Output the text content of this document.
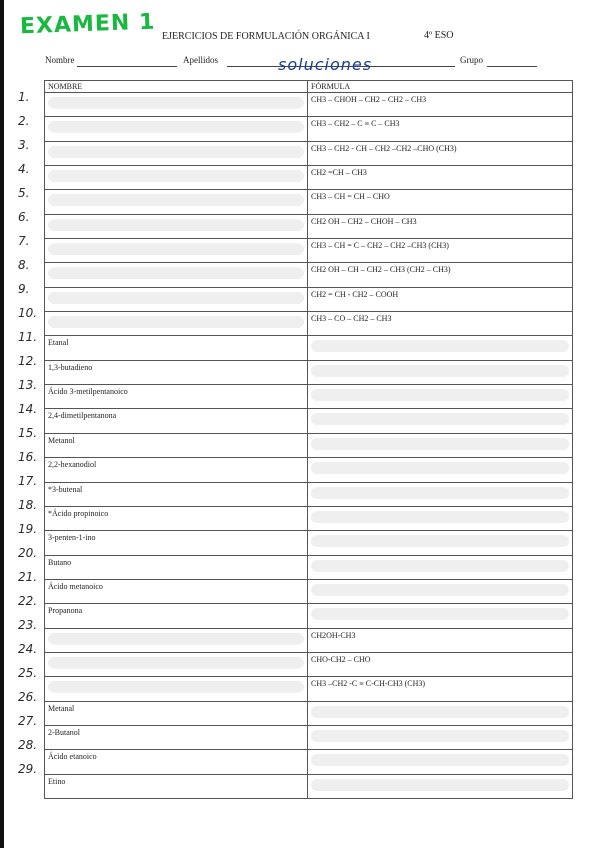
EXAMEN 1 EJERCICIOS DE FORMULACIÓN ORGÁNICA I	4º ESO
Nombre	Apellidos	soluciones	Grupo
NOMBRE	FÓRMULA

	CH3 – CHOH – CH2 – CH2 – CH3

	CH3 – CH2 – C ≡ C – CH3

	CH3 – CH2 - CH – CH2 –CH2 –CHO (CH3)

	CH2 =CH – CH3

	CH3 – CH = CH – CHO

	CH2 OH – CH2 – CHOH – CH3

	CH3 – CH = C – CH2 – CH2 –CH3 (CH3)

	CH2 OH – CH – CH2 – CH3 (CH2 – CH3)

	CH2 = CH - CH2 – COOH

	CH3 – CO – CH2 – CH3
Etanal	

1,3-butadieno	

Ácido 3-metilpentanoico	

2,4-dimetilpentanona	

Metanol	

2,2-hexanodiol	

*3-butenal	

*Ácido propinoico	

3-penten-1-ino	

Butano	

Ácido metanoico	

Propanona	

	CH2OH-CH3

	CHO-CH2 – CHO

	CH3 –CH2 -C ≡ C-CH-CH3 (CH3)
Metanal	

2-Butanol	

Ácido etanoico	

Etino	
1.
2.
3.
4.
5.
6.
7.
8.
9.
10.
11.
12.
13.
14.
15.
16.
17.
18.
19.
20.
21.
22.
23.
24.
25.
26.
27.
28.
29.
